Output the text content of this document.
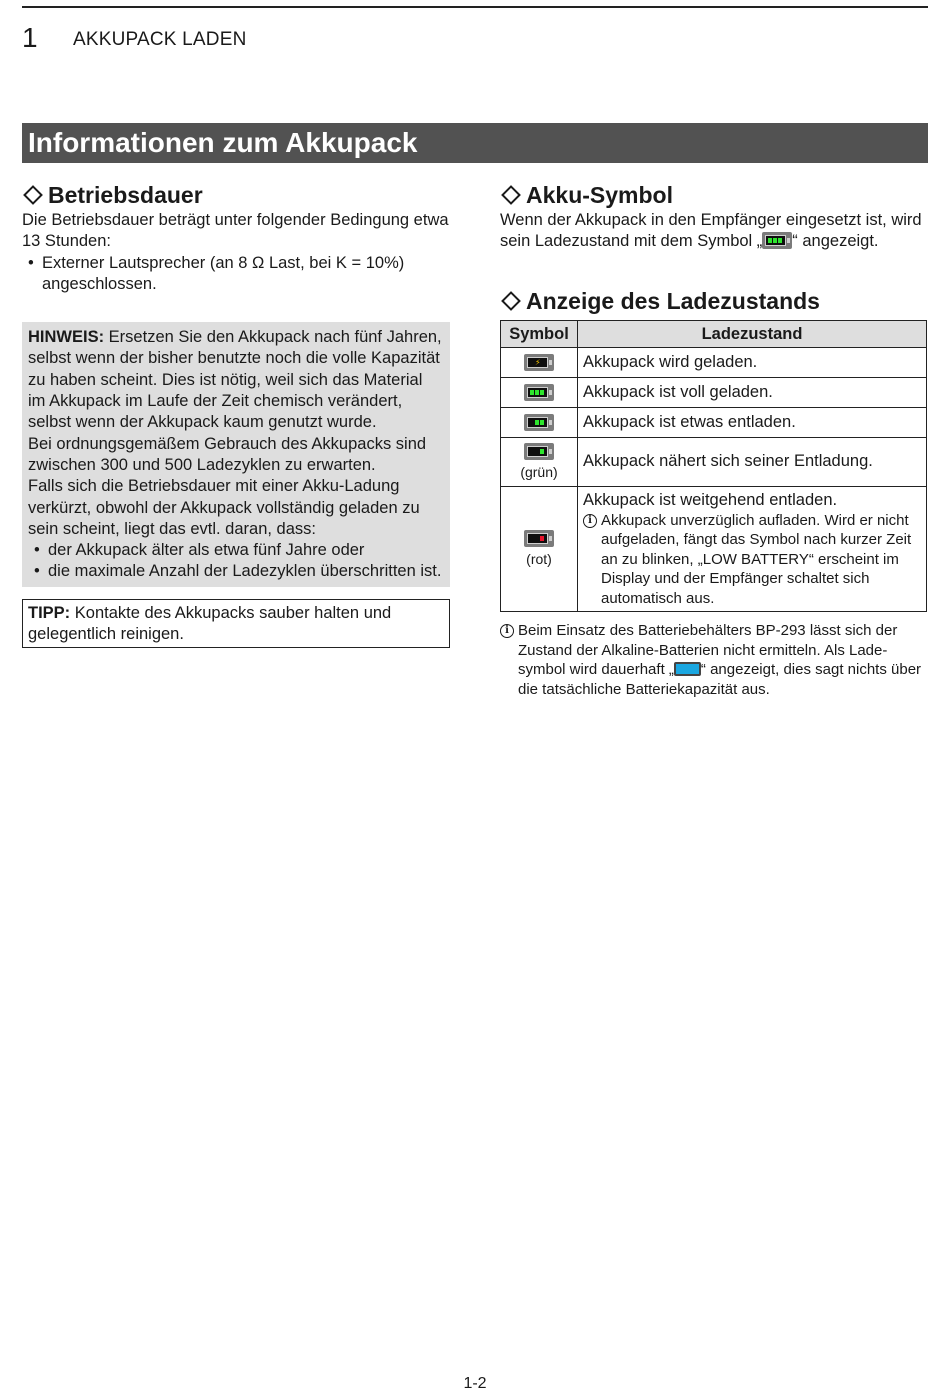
1 AKKUPACK LADEN
Informationen zum Akkupack
Betriebsdauer

Die Betriebsdauer beträgt unter folgender Bedingung etwa 13 Stunden:

• Externer Lautsprecher (an 8 Ω Last, bei K = 10%) angeschlossen.

HINWEIS: Ersetzen Sie den Akkupack nach fünf Jahren, selbst wenn der bisher benutzte noch die volle Kapazität zu haben scheint. Dies ist nötig, weil sich das Material im Akkupack im Laufe der Zeit chemisch verändert, selbst wenn der Akkupack kaum genutzt wurde.

Bei ordnungsgemäßem Gebrauch des Akkupacks sind zwischen 300 und 500 Ladezyklen zu erwarten.

Falls sich die Betriebsdauer mit einer Akku-Ladung verkürzt, obwohl der Akkupack vollständig geladen zu sein scheint, liegt das evtl. daran, dass:

• der Akkupack älter als etwa fünf Jahre oder
• die maximale Anzahl der Ladezyklen überschritten ist.

TIPP: Kontakte des Akkupacks sauber halten und gelegentlich reinigen.

Akku-Symbol

Wenn der Akkupack in den Empfänger eingesetzt ist, wird sein Ladezustand mit dem Symbol „ “ angezeigt.

Anzeige des Ladezustands
Symbol	Ladezustand

⚡	Akkupack wird geladen.

	Akkupack ist voll geladen.

	Akkupack ist etwas entladen.

(grün)	Akkupack nähert sich seiner Entladung.

(rot)	Akkupack ist weitgehend entladen.
i Akkupack unverzüglich aufladen. Wird er nicht aufgeladen, fängt das Symbol nach kurzer Zeit an zu blinken, „LOW BATTERY“ erscheint im Display und der Empfänger schaltet sich automatisch aus.
i Beim Einsatz des Batteriebehälters BP-293 lässt sich der Zustand der Alkaline-Batterien nicht ermitteln. Als Ladesymbol wird dauerhaft „ “ angezeigt, dies sagt nichts über die tatsächliche Batteriekapazität aus.
1-2
